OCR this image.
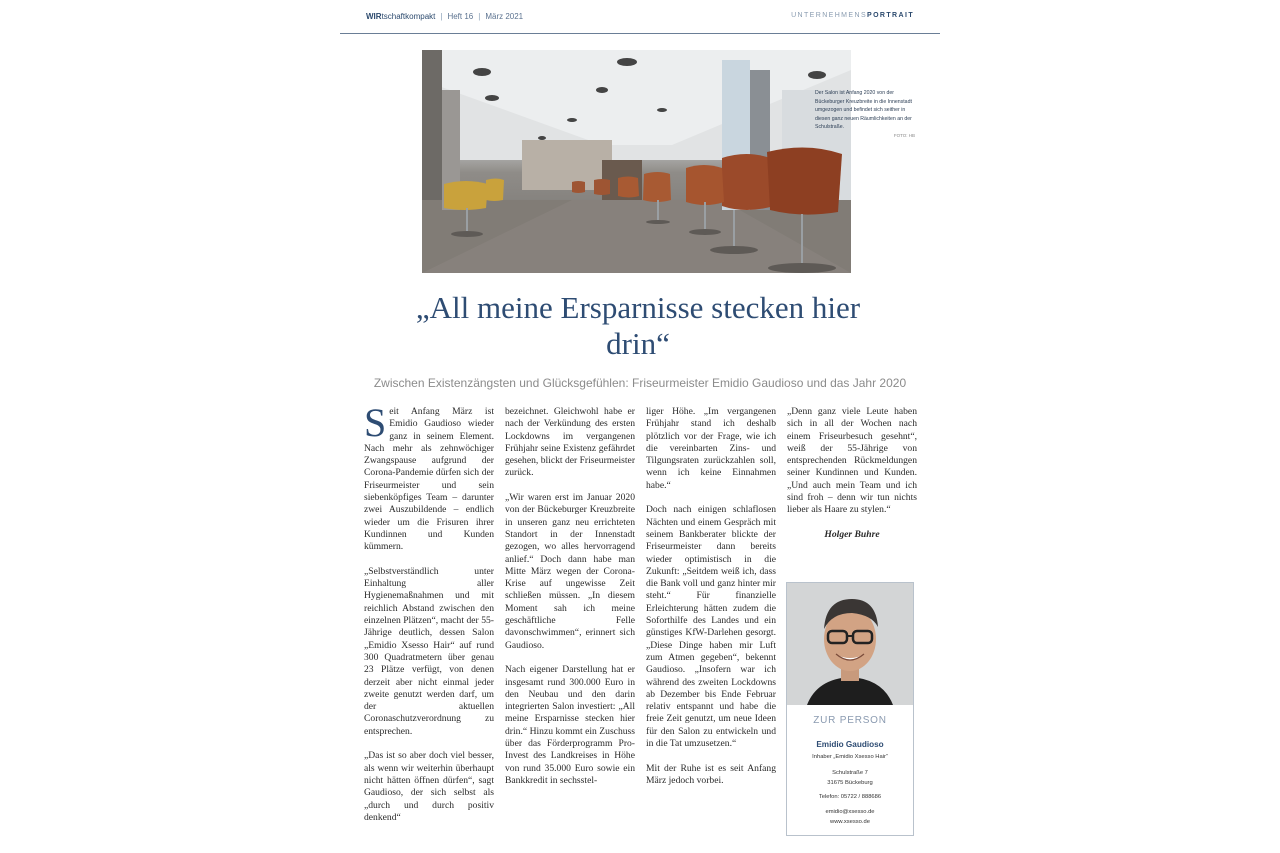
WIRtschaftkompakt | Heft 16 | März 2021	UNTERNEHMENSPORTRAIT
Der Salon ist Anfang 2020 von der Bückeburger Kreuzbreite in die Innenstadt umgezogen und befindet sich seither in diesen ganz neuen Räumlichkeiten an der Schulstraße.
FOTO: HB
„All meine Ersparnisse stecken hier drin“
Zwischen Existenzängsten und Glücksgefühlen: Friseurmeister Emidio Gaudioso und das Jahr 2020

Seit Anfang März ist Emidio Gaudioso wieder ganz in seinem Element. Nach mehr als zehnwöchiger Zwangspause aufgrund der Corona-Pandemie dürfen sich der Friseurmeister und sein siebenköpfiges Team – darunter zwei Auszubildende – endlich wieder um die Frisuren ihrer Kundinnen und Kunden kümmern.

„Selbstverständlich unter Einhaltung aller Hygienemaßnahmen und mit reichlich Abstand zwischen den einzelnen Plätzen“, macht der 55-Jährige deutlich, dessen Salon „Emidio Xsesso Hair“ auf rund 300 Quadratmetern über genau 23 Plätze verfügt, von denen derzeit aber nicht einmal jeder zweite genutzt werden darf, um der aktuellen Coronaschutzverordnung zu entsprechen.

„Das ist so aber doch viel besser, als wenn wir weiterhin überhaupt nicht hätten öffnen dürfen“, sagt Gaudioso, der sich selbst als „durch und durch positiv denkend“

bezeichnet. Gleichwohl habe er nach der Verkündung des ersten Lockdowns im vergangenen Frühjahr seine Existenz gefährdet gesehen, blickt der Friseurmeister zurück.

„Wir waren erst im Januar 2020 von der Bückeburger Kreuzbreite in unseren ganz neu errichteten Standort in der Innenstadt gezogen, wo alles hervorragend anlief.“ Doch dann habe man Mitte März wegen der Corona-Krise auf ungewisse Zeit schließen müssen. „In diesem Moment sah ich meine geschäftliche Felle davonschwimmen“, erinnert sich Gaudioso.

Nach eigener Darstellung hat er insgesamt rund 300.000 Euro in den Neubau und den darin integrierten Salon investiert: „All meine Ersparnisse stecken hier drin.“ Hinzu kommt ein Zuschuss über das Förderprogramm Pro-Invest des Landkreises in Höhe von rund 35.000 Euro sowie ein Bankkredit in sechsstel-

liger Höhe. „Im vergangenen Frühjahr stand ich deshalb plötzlich vor der Frage, wie ich die vereinbarten Zins- und Tilgungsraten zurückzahlen soll, wenn ich keine Einnahmen habe.“

Doch nach einigen schlaflosen Nächten und einem Gespräch mit seinem Bankberater blickte der Friseurmeister dann bereits wieder optimistisch in die Zukunft: „Seitdem weiß ich, dass die Bank voll und ganz hinter mir steht.“ Für finanzielle Erleichterung hätten zudem die Soforthilfe des Landes und ein günstiges KfW-Darlehen gesorgt. „Diese Dinge haben mir Luft zum Atmen gegeben“, bekennt Gaudioso. „Insofern war ich während des zweiten Lockdowns ab Dezember bis Ende Februar relativ entspannt und habe die freie Zeit genutzt, um neue Ideen für den Salon zu entwickeln und in die Tat umzusetzen.“

Mit der Ruhe ist es seit Anfang März jedoch vorbei.

„Denn ganz viele Leute haben sich in all der Wochen nach einem Friseurbesuch gesehnt“, weiß der 55-Jährige von entsprechenden Rückmeldungen seiner Kundinnen und Kunden. „Und auch mein Team und ich sind froh – denn wir tun nichts lieber als Haare zu stylen.“

Holger Buhre

ZUR PERSON
Emidio Gaudioso
Inhaber „Emidio Xsesso Hair“
Schulstraße 7
31675 Bückeburg
Telefon: 05722 / 888686
emidio@xsesso.de
www.xsesso.de
